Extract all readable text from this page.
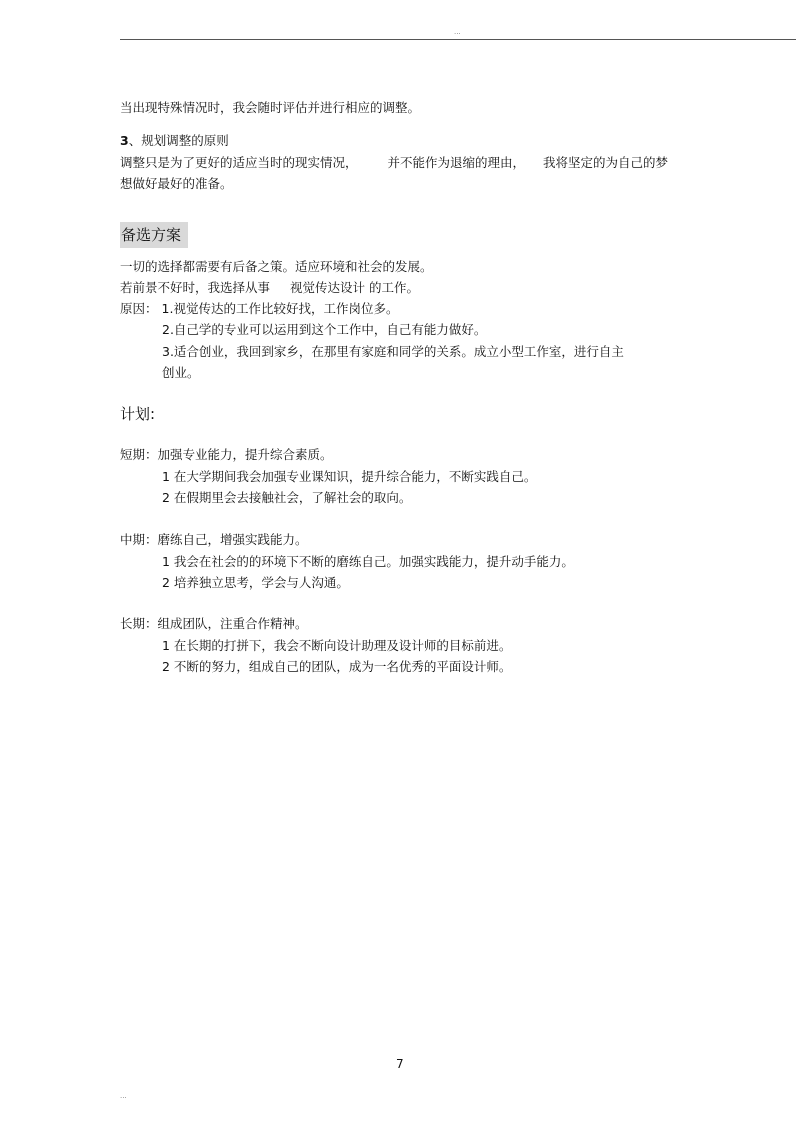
...
当出现特殊情况时，我会随时评估并进行相应的调整。
3、规划调整的原则
调整只是为了更好的适应当时的现实情况， 并不能作为退缩的理由， 我将坚定的为自己的梦
想做好最好的准备。
备选方案
一切的选择都需要有后备之策。适应环境和社会的发展。
若前景不好时，我选择从事 视觉传达设计 的工作。
原因： 1.视觉传达的工作比较好找，工作岗位多。
2.自己学的专业可以运用到这个工作中，自己有能力做好。
3.适合创业，我回到家乡，在那里有家庭和同学的关系。成立小型工作室，进行自主
创业。
计划:
短期：加强专业能力，提升综合素质。
1 在大学期间我会加强专业课知识，提升综合能力，不断实践自己。
2 在假期里会去接触社会，了解社会的取向。
中期：磨练自己，增强实践能力。
1 我会在社会的的环境下不断的磨练自己。加强实践能力，提升动手能力。
2 培养独立思考，学会与人沟通。
长期：组成团队，注重合作精神。
1 在长期的打拼下，我会不断向设计助理及设计师的目标前进。
2 不断的努力，组成自己的团队，成为一名优秀的平面设计师。
7
...
